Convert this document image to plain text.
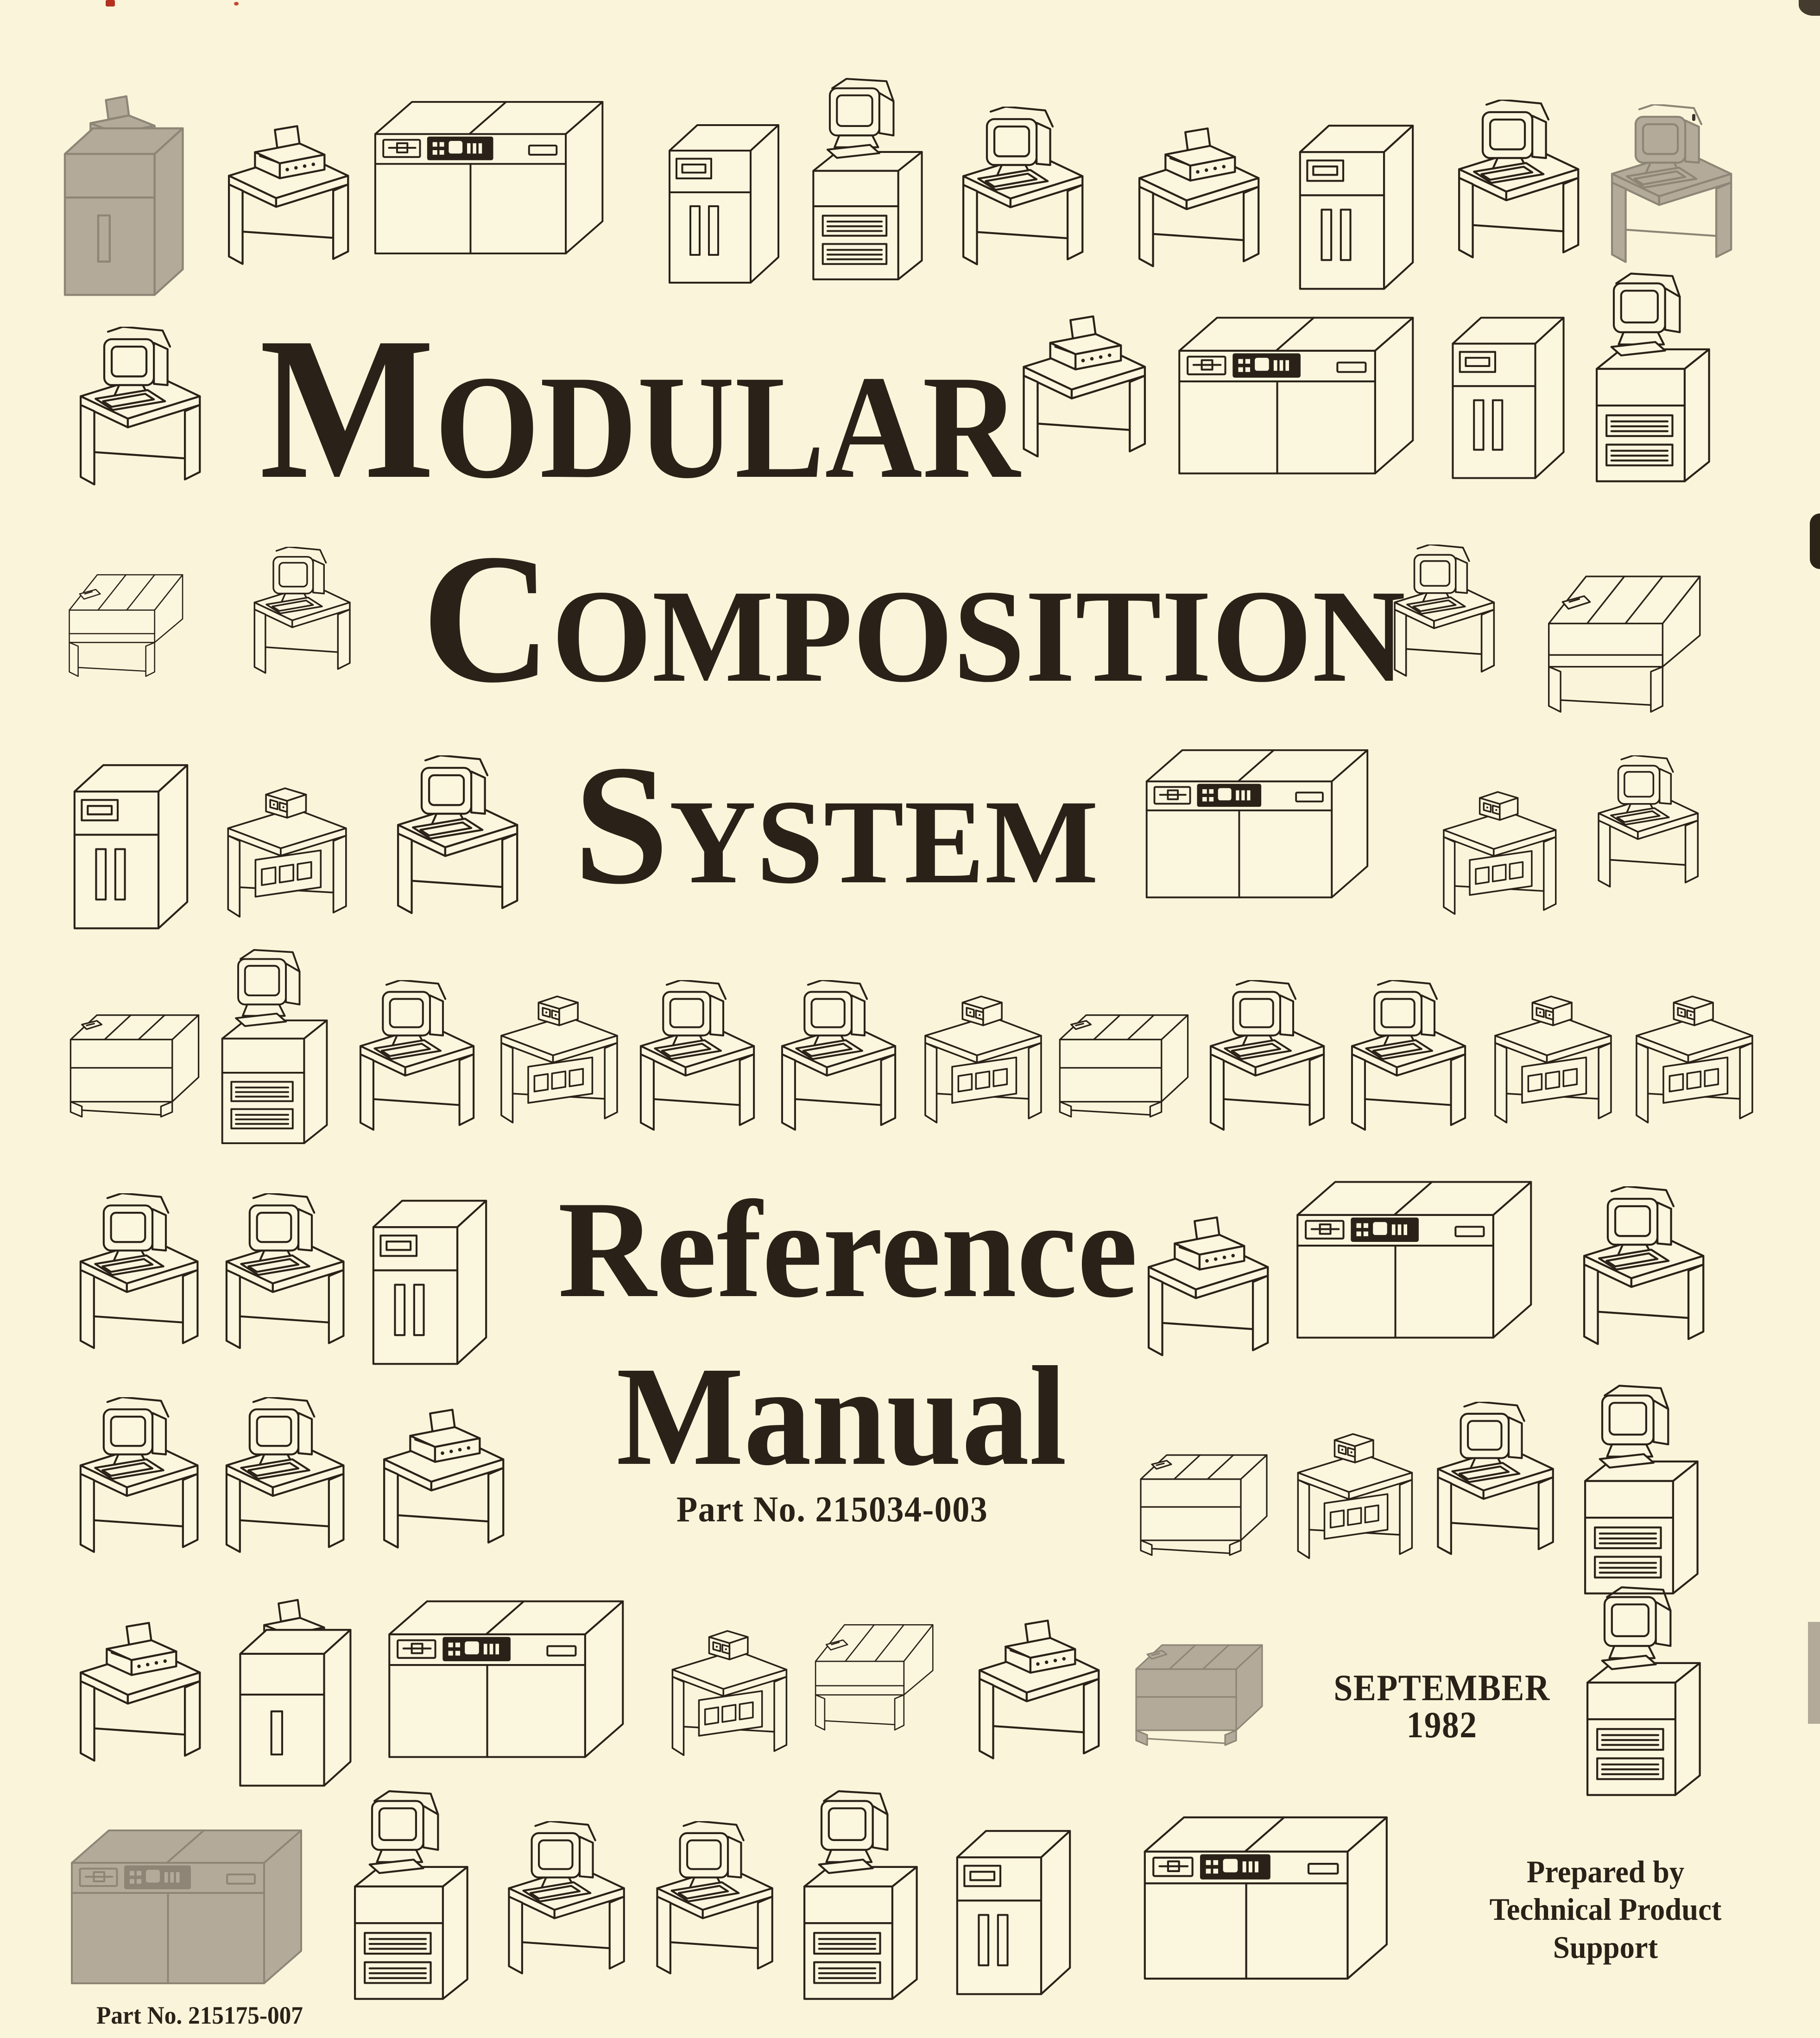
M ODULAR
C OMPOSITION
S YSTEM
Reference
Manual
Part No. 215034-003
SEPTEMBER
1982
Prepared by
Technical Product
Support
Part No. 215175-007
